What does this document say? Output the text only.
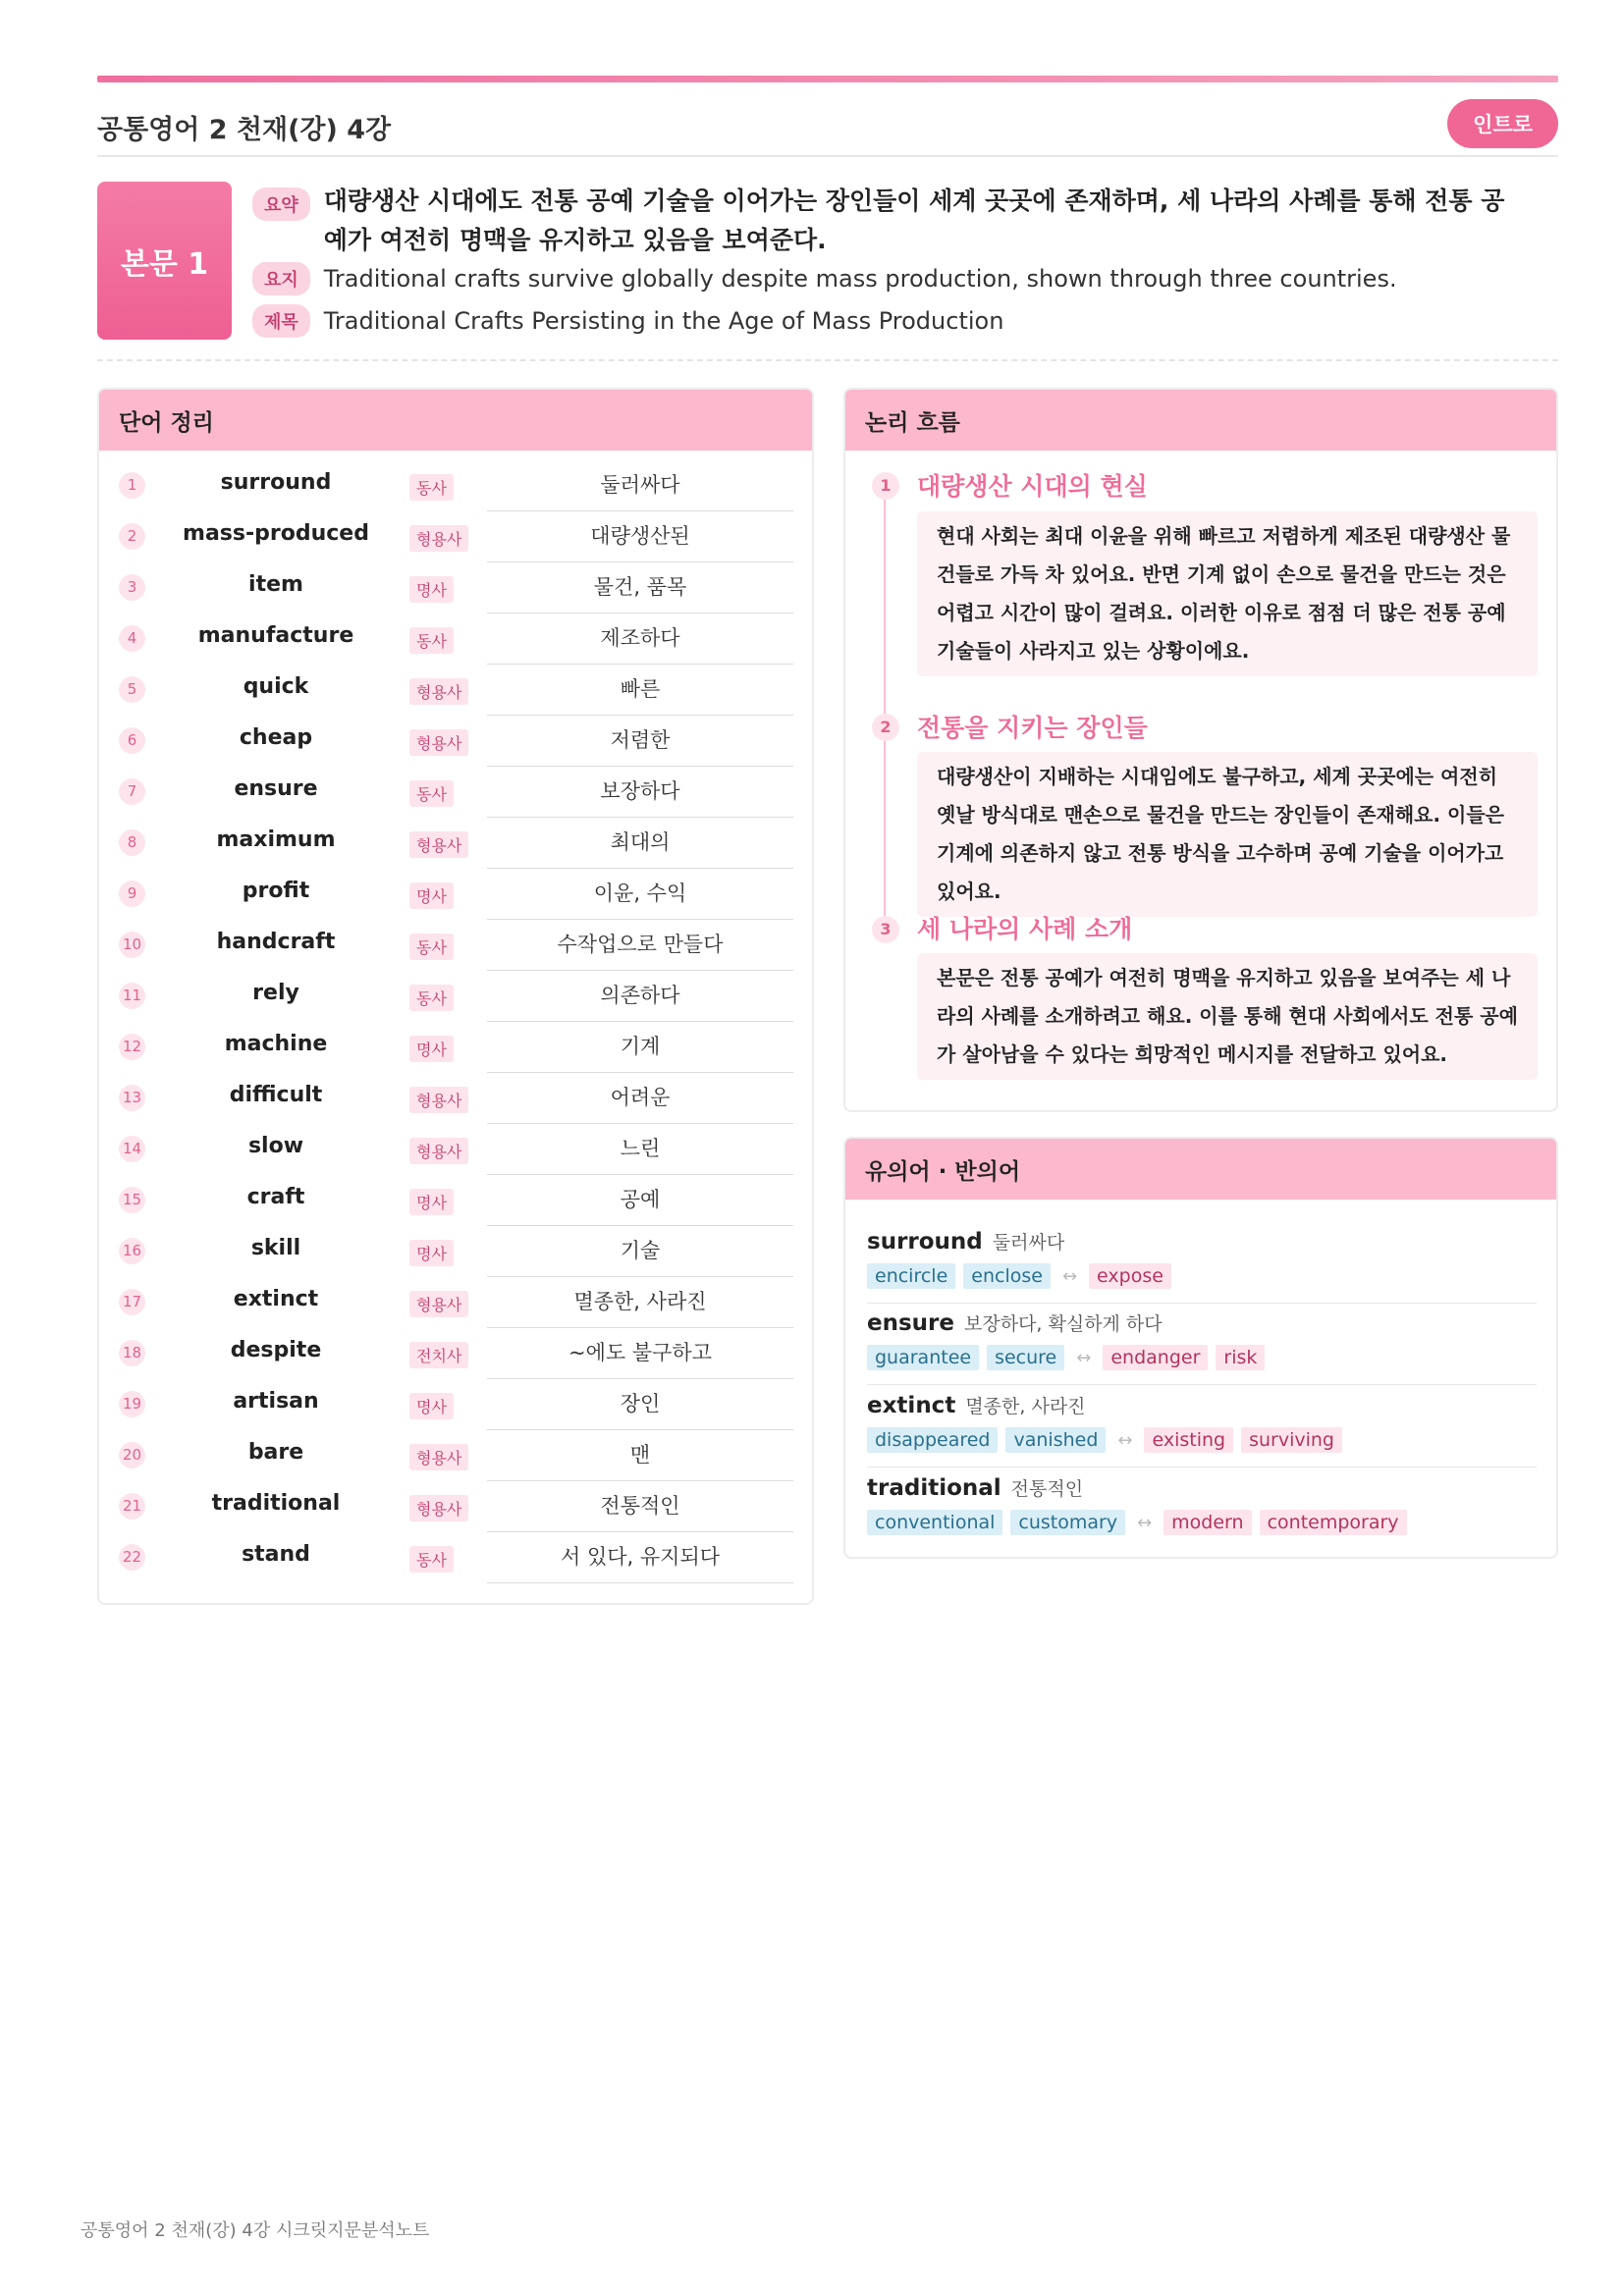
공통영어 2 천재(강) 4강	인트로
본문 1
요약	대량생산 시대에도 전통 공예 기술을 이어가는 장인들이 세계 곳곳에 존재하며, 세 나라의 사례를 통해 전통 공예가 여전히 명맥을 유지하고 있음을 보여준다.
요지	Traditional crafts survive globally despite mass production, shown through three countries.
제목	Traditional Crafts Persisting in the Age of Mass Production
단어 정리
1	surround	동사	둘러싸다
2	mass-produced	형용사	대량생산된
3	item	명사	물건, 품목
4	manufacture	동사	제조하다
5	quick	형용사	빠른
6	cheap	형용사	저렴한
7	ensure	동사	보장하다
8	maximum	형용사	최대의
9	profit	명사	이윤, 수익
10	handcraft	동사	수작업으로 만들다
11	rely	동사	의존하다
12	machine	명사	기계
13	difficult	형용사	어려운
14	slow	형용사	느린
15	craft	명사	공예
16	skill	명사	기술
17	extinct	형용사	멸종한, 사라진
18	despite	전치사	~에도 불구하고
19	artisan	명사	장인
20	bare	형용사	맨
21	traditional	형용사	전통적인
22	stand	동사	서 있다, 유지되다
논리 흐름
1	대량생산 시대의 현실
현대 사회는 최대 이윤을 위해 빠르고 저렴하게 제조된 대량생산 물건들로 가득 차 있어요. 반면 기계 없이 손으로 물건을 만드는 것은 어렵고 시간이 많이 걸려요. 이러한 이유로 점점 더 많은 전통 공예 기술들이 사라지고 있는 상황이에요.
2	전통을 지키는 장인들
대량생산이 지배하는 시대임에도 불구하고, 세계 곳곳에는 여전히 옛날 방식대로 맨손으로 물건을 만드는 장인들이 존재해요. 이들은 기계에 의존하지 않고 전통 방식을 고수하며 공예 기술을 이어가고 있어요.
3	세 나라의 사례 소개
본문은 전통 공예가 여전히 명맥을 유지하고 있음을 보여주는 세 나라의 사례를 소개하려고 해요. 이를 통해 현대 사회에서도 전통 공예가 살아남을 수 있다는 희망적인 메시지를 전달하고 있어요.
유의어 · 반의어
surround 둘러싸다
encircle	enclose	↔	expose
ensure 보장하다, 확실하게 하다
guarantee	secure	↔	endanger	risk
extinct 멸종한, 사라진
disappeared	vanished	↔	existing	surviving
traditional 전통적인
conventional	customary	↔	modern	contemporary
공통영어 2 천재(강) 4강 시크릿지문분석노트
